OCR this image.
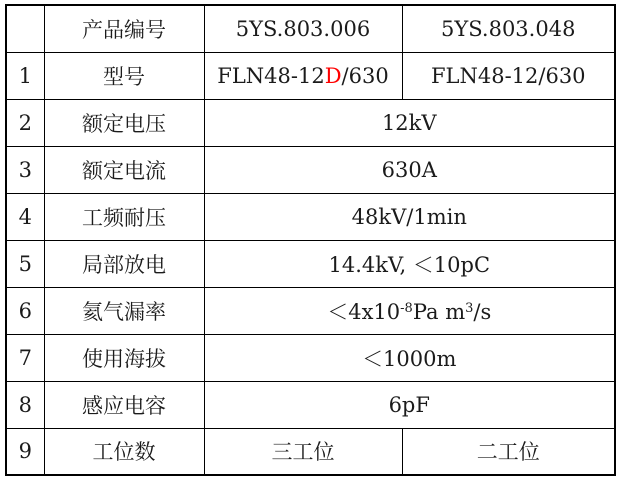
	产品编号	5YS.803.006	5YS.803.048
1	型号	FLN48-12D/630	FLN48-12/630
2	额定电压	12kV	
3	额定电流	630A	
4	工频耐压	48kV/1min	
5	局部放电	14.4kV, ＜10pC	
6	氦气漏率	$<4x10^{-8}Pa$ $m^3/s$	
7	使用海拔	＜1000m	
8	感应电容	6pF	
9	工位数	三工位	二工位
